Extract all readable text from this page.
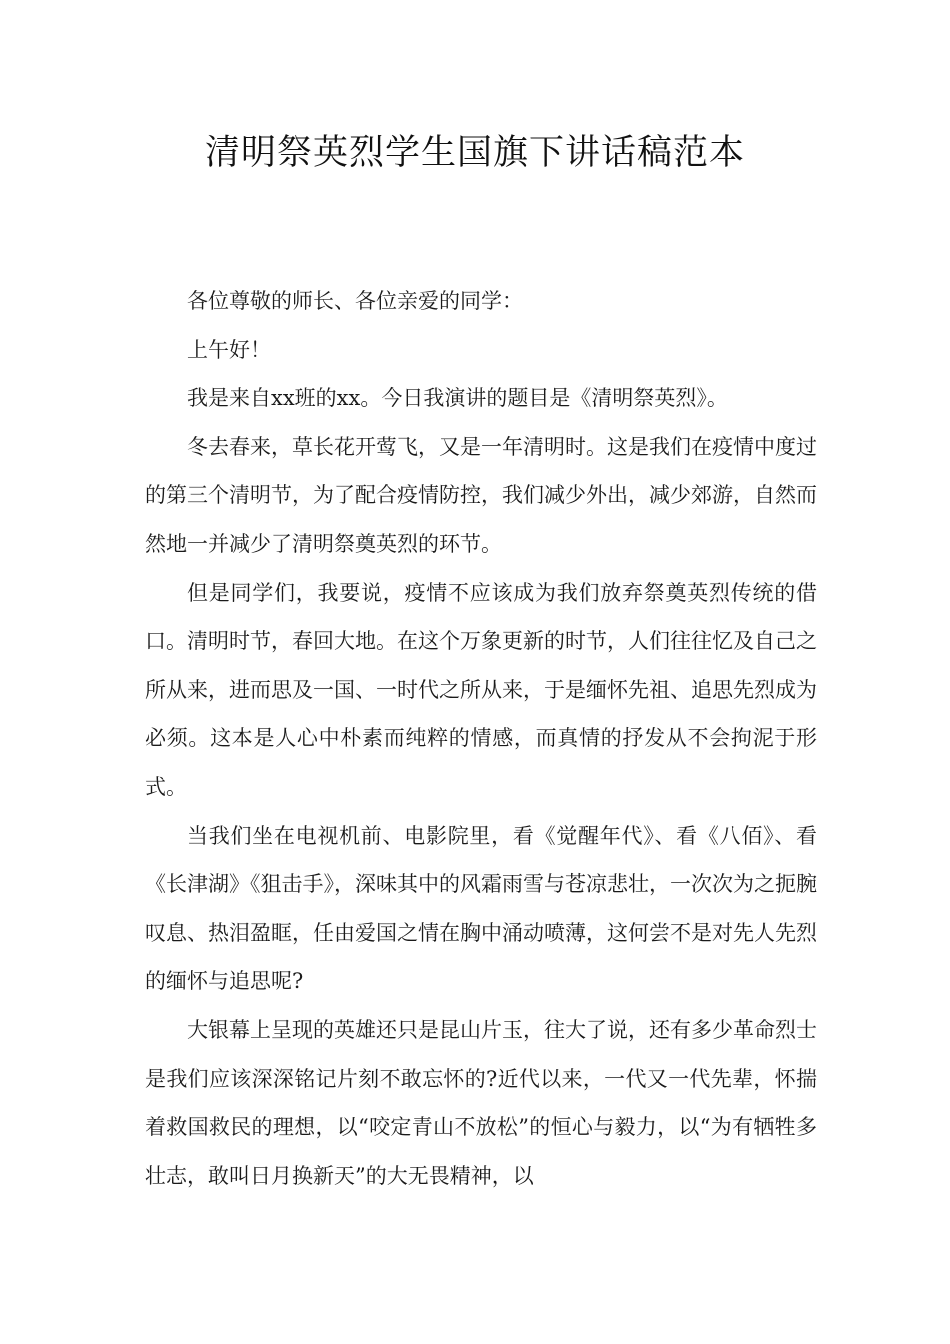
清明祭英烈学生国旗下讲话稿范本

各位尊敬的师长、各位亲爱的同学：

上午好！

我是来自xx班的xx。今日我演讲的题目是《清明祭英烈》。

冬去春来，草长花开莺飞，又是一年清明时。这是我们在疫情中度过的第三个清明节，为了配合疫情防控，我们减少外出，减少郊游，自然而然地一并减少了清明祭奠英烈的环节。

但是同学们，我要说，疫情不应该成为我们放弃祭奠英烈传统的借口。清明时节，春回大地。在这个万象更新的时节，人们往往忆及自己之所从来，进而思及一国、一时代之所从来，于是缅怀先祖、追思先烈成为必须。这本是人心中朴素而纯粹的情感，而真情的抒发从不会拘泥于形式。

当我们坐在电视机前、电影院里，看《觉醒年代》、看《八佰》、看《长津湖》《狙击手》，深味其中的风霜雨雪与苍凉悲壮，一次次为之扼腕叹息、热泪盈眶，任由爱国之情在胸中涌动喷薄，这何尝不是对先人先烈的缅怀与追思呢?

大银幕上呈现的英雄还只是昆山片玉，往大了说，还有多少革命烈士是我们应该深深铭记片刻不敢忘怀的?近代以来，一代又一代先辈，怀揣着救国救民的理想，以“咬定青山不放松”的恒心与毅力，以“为有牺牲多壮志，敢叫日月换新天”的大无畏精神，以
